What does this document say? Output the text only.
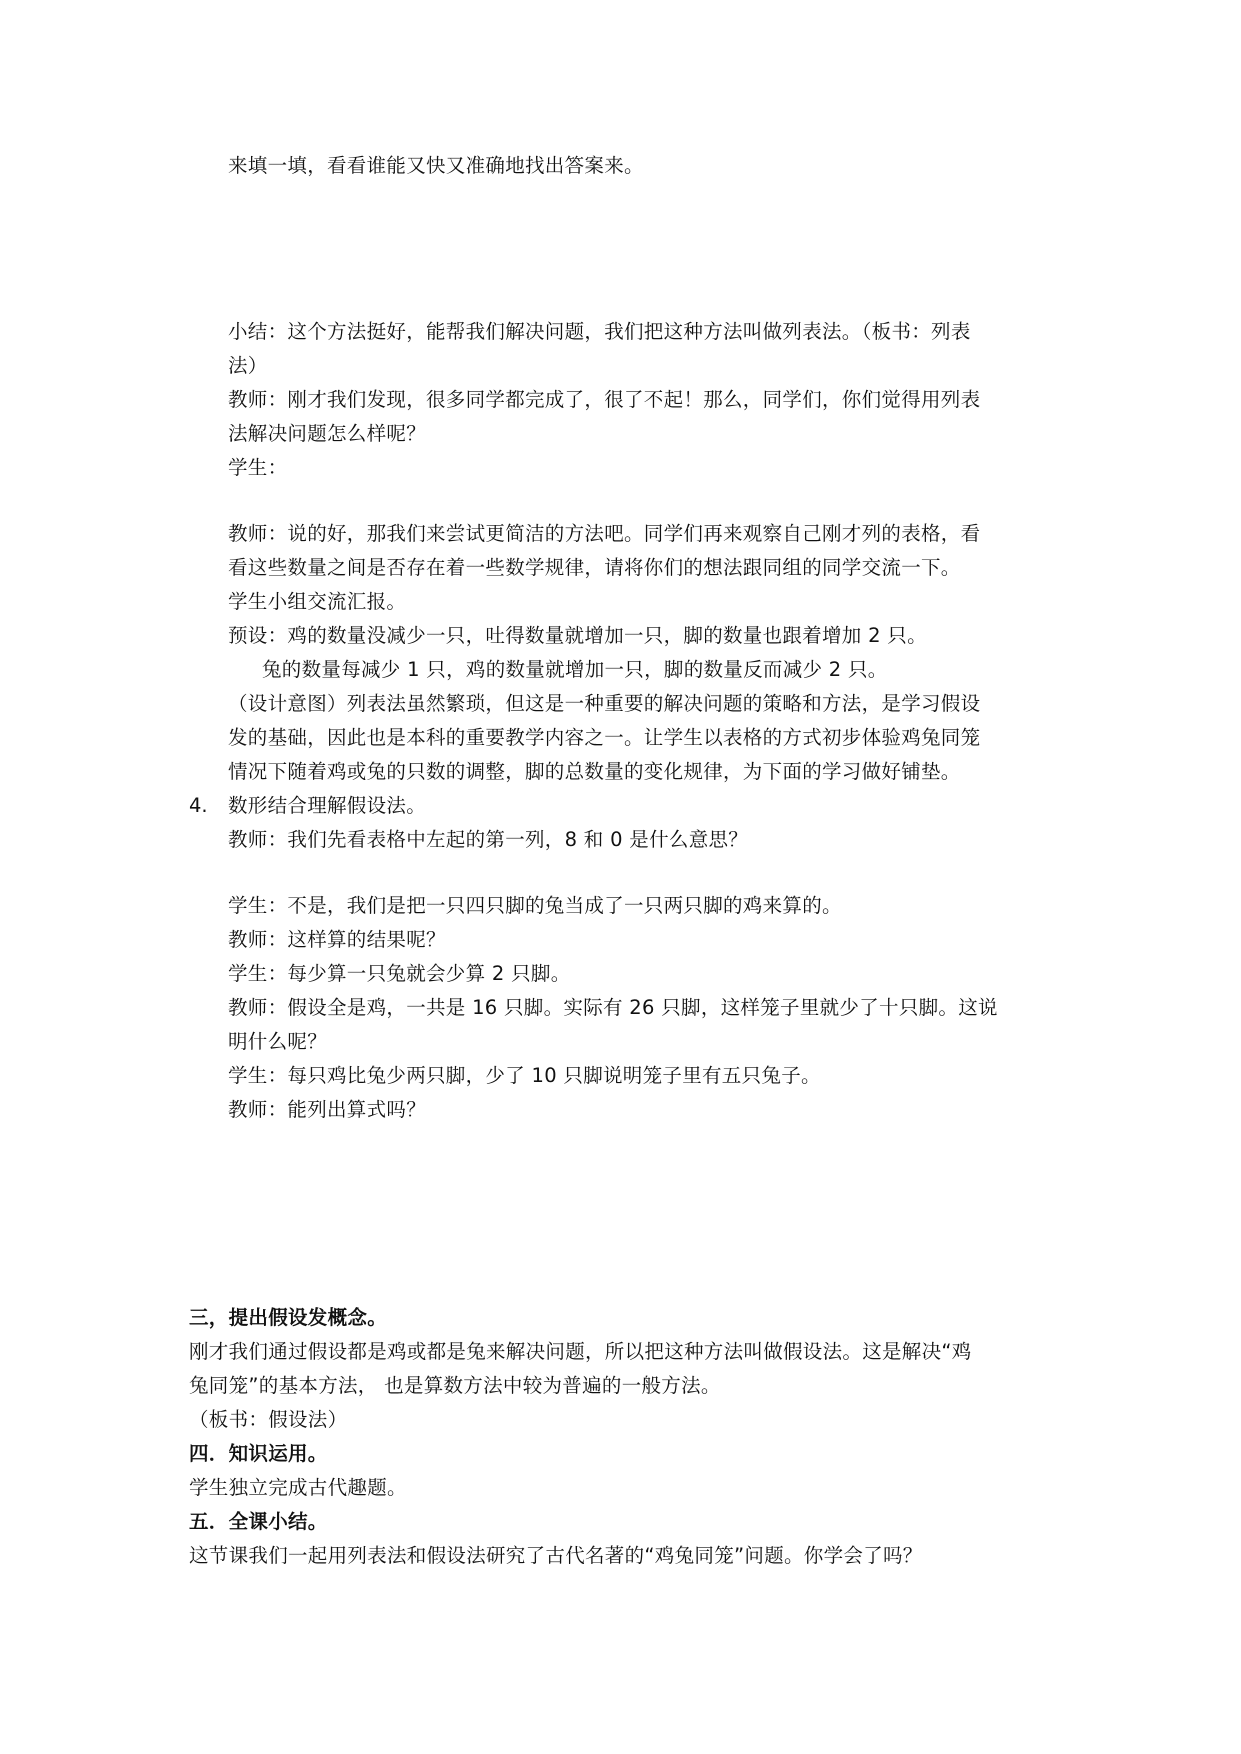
来填一填，看看谁能又快又准确地找出答案来。
小结：这个方法挺好，能帮我们解决问题，我们把这种方法叫做列表法。（板书：列表
法）
教师：刚才我们发现，很多同学都完成了，很了不起！那么，同学们，你们觉得用列表
法解决问题怎么样呢？
学生：
教师：说的好，那我们来尝试更简洁的方法吧。同学们再来观察自己刚才列的表格，看
看这些数量之间是否存在着一些数学规律，请将你们的想法跟同组的同学交流一下。
学生小组交流汇报。
预设：鸡的数量没减少一只，吐得数量就增加一只，脚的数量也跟着增加 2 只。
兔的数量每减少 1 只，鸡的数量就增加一只，脚的数量反而减少 2 只。
（设计意图）列表法虽然繁琐，但这是一种重要的解决问题的策略和方法，是学习假设
发的基础，因此也是本科的重要教学内容之一。让学生以表格的方式初步体验鸡兔同笼
情况下随着鸡或兔的只数的调整，脚的总数量的变化规律，为下面的学习做好铺垫。
4. 数形结合理解假设法。
教师：我们先看表格中左起的第一列，8 和 0 是什么意思？
学生：不是，我们是把一只四只脚的兔当成了一只两只脚的鸡来算的。
教师：这样算的结果呢？
学生：每少算一只兔就会少算 2 只脚。
教师：假设全是鸡，一共是 16 只脚。实际有 26 只脚，这样笼子里就少了十只脚。这说
明什么呢？
学生：每只鸡比兔少两只脚，少了 10 只脚说明笼子里有五只兔子。
教师：能列出算式吗？
三，提出假设发概念。
刚才我们通过假设都是鸡或都是兔来解决问题，所以把这种方法叫做假设法。这是解决“鸡
兔同笼”的基本方法， 也是算数方法中较为普遍的一般方法。
（板书：假设法）
四．知识运用。
学生独立完成古代趣题。
五．全课小结。
这节课我们一起用列表法和假设法研究了古代名著的“鸡兔同笼”问题。你学会了吗？
